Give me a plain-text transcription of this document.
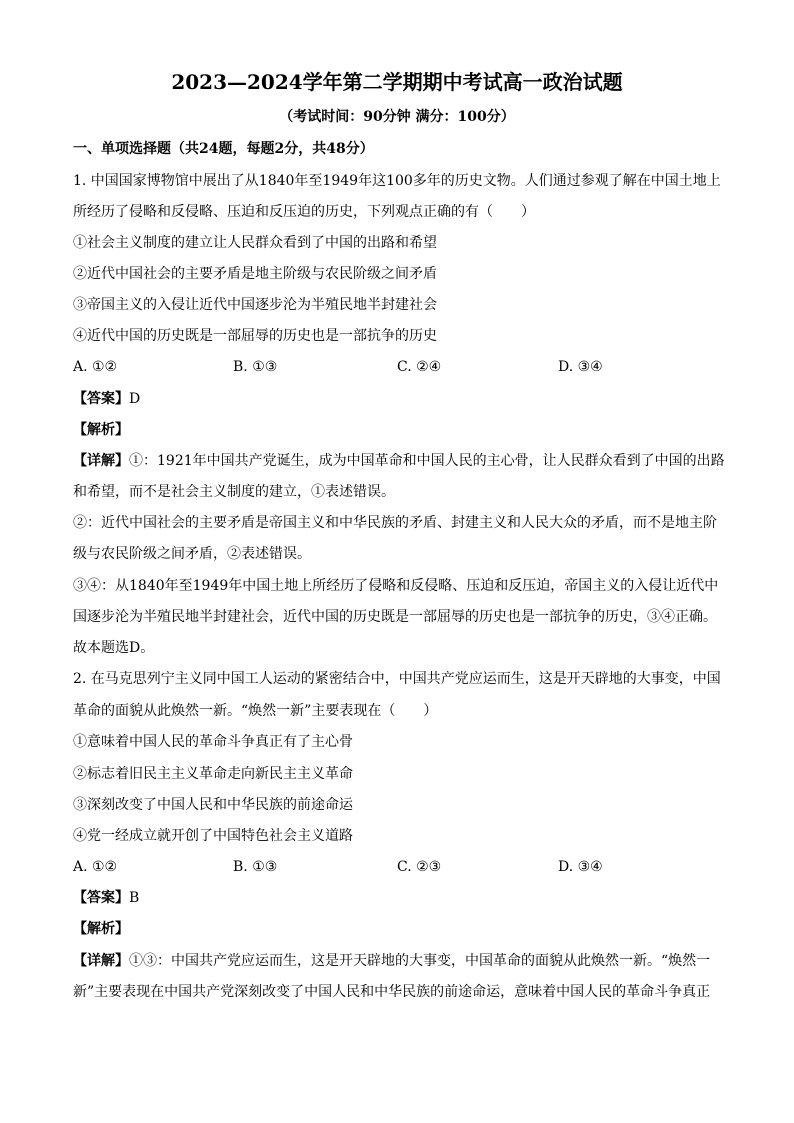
2023—2024学年第二学期期中考试高一政治试题
（考试时间：90分钟 满分：100分）
一、单项选择题（共24题，每题2分，共48分）
1. 中国国家博物馆中展出了从1840年至1949年这100多年的历史文物。人们通过参观了解在中国土地上
所经历了侵略和反侵略、压迫和反压迫的历史，下列观点正确的有（　　）
①社会主义制度的建立让人民群众看到了中国的出路和希望
②近代中国社会的主要矛盾是地主阶级与农民阶级之间矛盾
③帝国主义的入侵让近代中国逐步沦为半殖民地半封建社会
④近代中国的历史既是一部屈辱的历史也是一部抗争的历史
A. ①②	B. ①③	C. ②④	D. ③④
【答案】D
【解析】
【详解】①：1921年中国共产党诞生，成为中国革命和中国人民的主心骨，让人民群众看到了中国的出路
和希望，而不是社会主义制度的建立，①表述错误。
②：近代中国社会的主要矛盾是帝国主义和中华民族的矛盾、封建主义和人民大众的矛盾，而不是地主阶
级与农民阶级之间矛盾，②表述错误。
③④：从1840年至1949年中国土地上所经历了侵略和反侵略、压迫和反压迫，帝国主义的入侵让近代中
国逐步沦为半殖民地半封建社会，近代中国的历史既是一部屈辱的历史也是一部抗争的历史，③④正确。
故本题选D。
2. 在马克思列宁主义同中国工人运动的紧密结合中，中国共产党应运而生，这是开天辟地的大事变，中国
革命的面貌从此焕然一新。“焕然一新”主要表现在（　　）
①意味着中国人民的革命斗争真正有了主心骨
②标志着旧民主主义革命走向新民主主义革命
③深刻改变了中国人民和中华民族的前途命运
④党一经成立就开创了中国特色社会主义道路
A. ①②	B. ①③	C. ②③	D. ③④
【答案】B
【解析】
【详解】①③：中国共产党应运而生，这是开天辟地的大事变，中国革命的面貌从此焕然一新。“焕然一
新”主要表现在中国共产党深刻改变了中国人民和中华民族的前途命运，意味着中国人民的革命斗争真正
